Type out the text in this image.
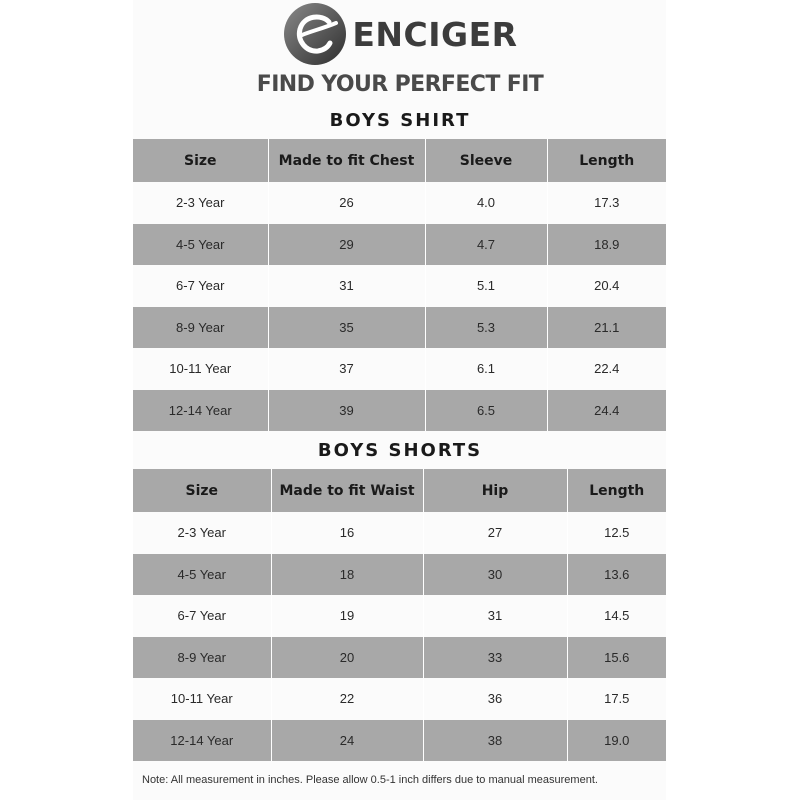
ENCIGER
FIND YOUR PERFECT FIT
BOYS SHIRT
Size	Made to fit Chest	Sleeve	Length
2-3 Year	26	4.0	17.3
4-5 Year	29	4.7	18.9
6-7 Year	31	5.1	20.4
8-9 Year	35	5.3	21.1
10-11 Year	37	6.1	22.4
12-14 Year	39	6.5	24.4
BOYS SHORTS
Size	Made to fit Waist	Hip	Length
2-3 Year	16	27	12.5
4-5 Year	18	30	13.6
6-7 Year	19	31	14.5
8-9 Year	20	33	15.6
10-11 Year	22	36	17.5
12-14 Year	24	38	19.0
Note: All measurement in inches. Please allow 0.5-1 inch differs due to manual measurement.
